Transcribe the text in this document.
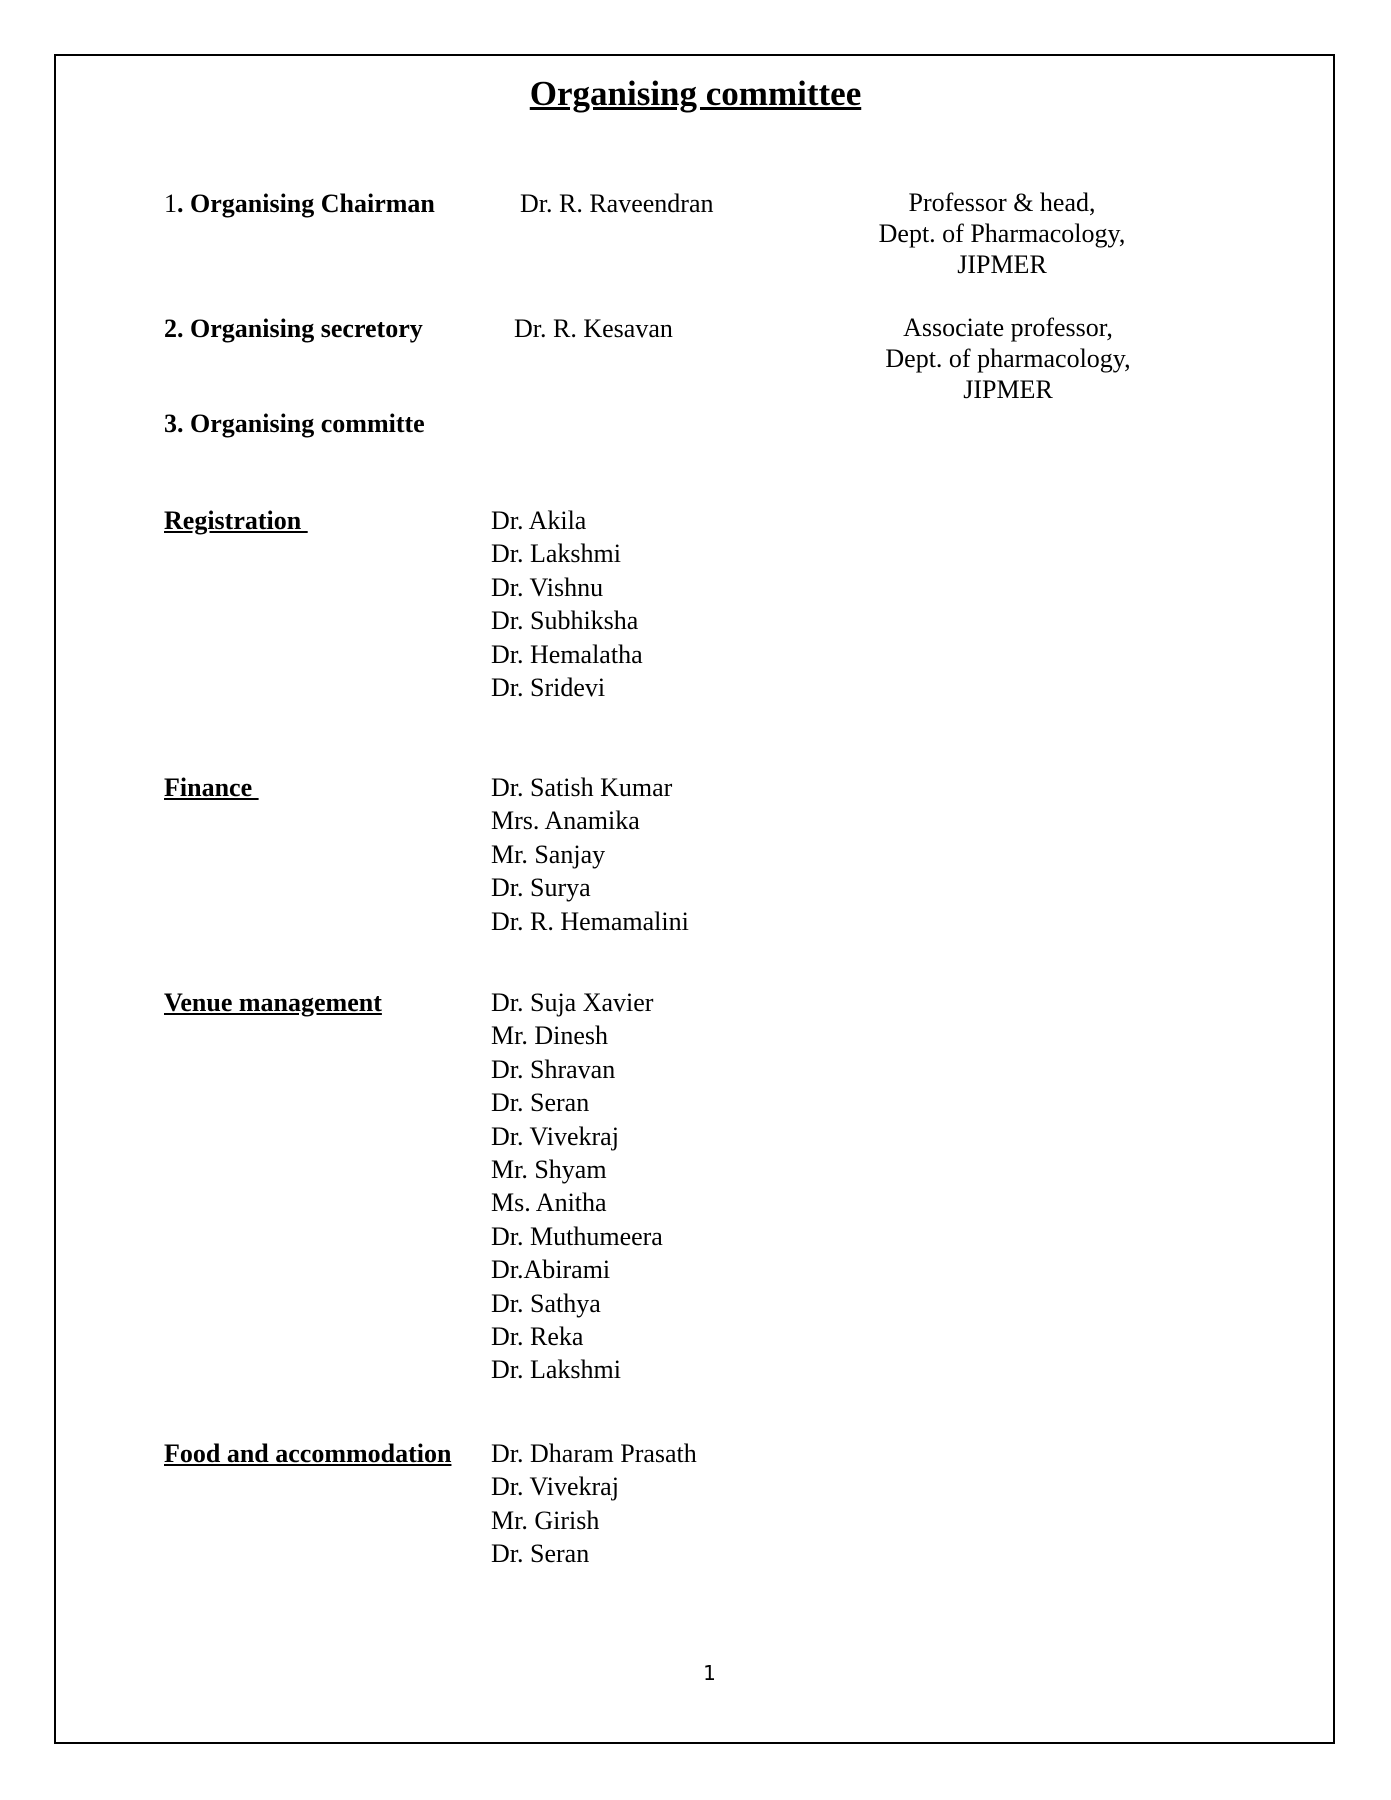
Organising committee
1. Organising Chairman	Dr. R. Raveendran	Professor & head,
Dept. of Pharmacology,
JIPMER
2. Organising secretory	Dr. R. Kesavan	Associate professor,
Dept. of pharmacology,
JIPMER
3. Organising committe
Registration	Dr. Akila
Dr. Lakshmi
Dr. Vishnu
Dr. Subhiksha
Dr. Hemalatha
Dr. Sridevi
Finance	Dr. Satish Kumar
Mrs. Anamika
Mr. Sanjay
Dr. Surya
Dr. R. Hemamalini
Venue management	Dr. Suja Xavier
Mr. Dinesh
Dr. Shravan
Dr. Seran
Dr. Vivekraj
Mr. Shyam
Ms. Anitha
Dr. Muthumeera
Dr.Abirami
Dr. Sathya
Dr. Reka
Dr. Lakshmi
Food and accommodation Dr. Dharam Prasath
Dr. Vivekraj
Mr. Girish
Dr. Seran
1
